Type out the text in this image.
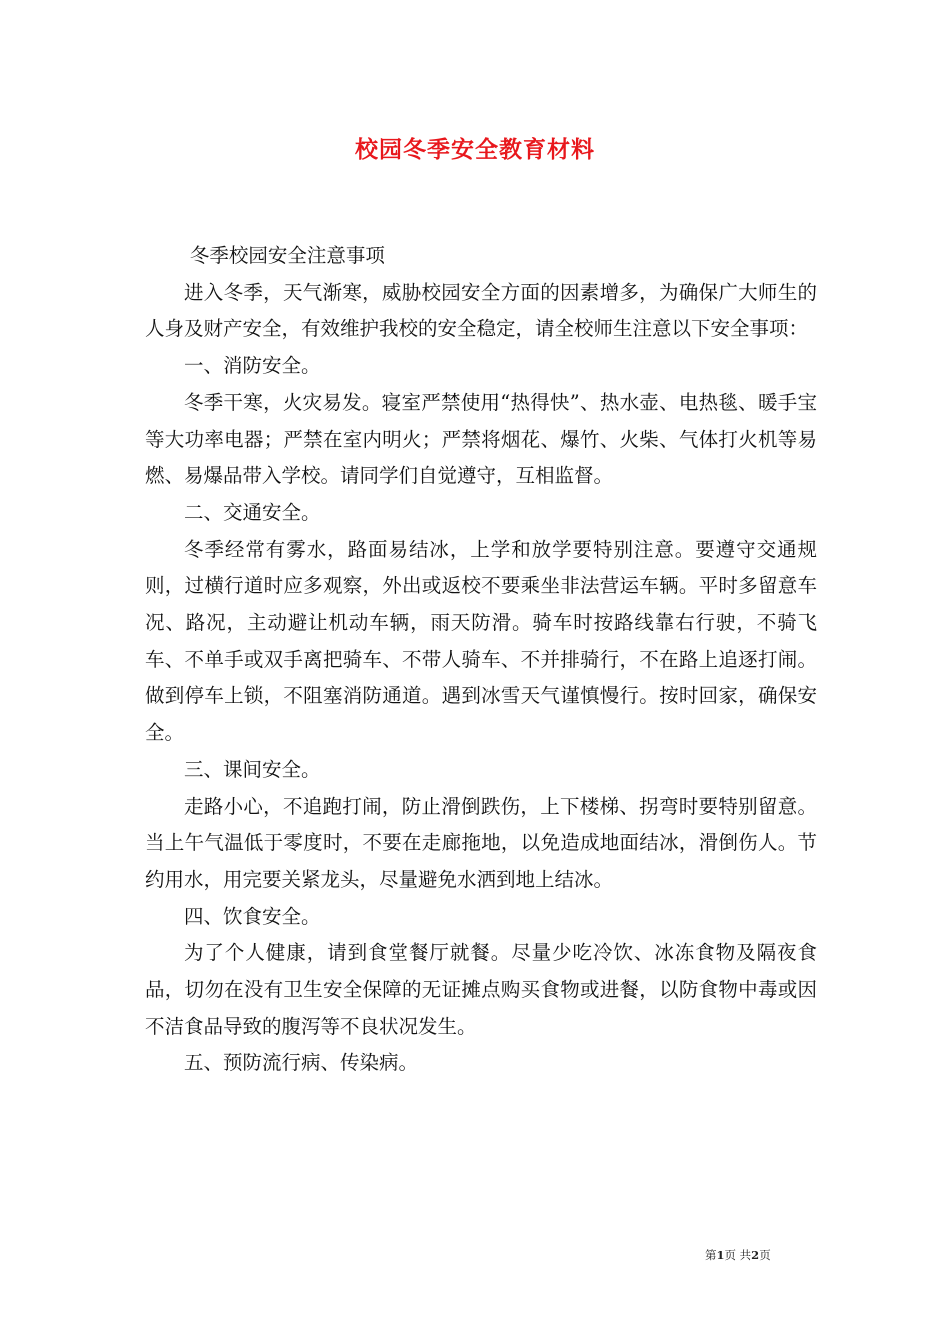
校园冬季安全教育材料

冬季校园安全注意事项

进入冬季，天气渐寒，威胁校园安全方面的因素增多，为确保广大师生的人身及财产安全，有效维护我校的安全稳定，请全校师生注意以下安全事项：

一、消防安全。

冬季干寒，火灾易发。寝室严禁使用“热得快”、热水壶、电热毯、暖手宝等大功率电器；严禁在室内明火；严禁将烟花、爆竹、火柴、气体打火机等易燃、易爆品带入学校。请同学们自觉遵守，互相监督。

二、交通安全。

冬季经常有雾水，路面易结冰，上学和放学要特别注意。要遵守交通规则，过横行道时应多观察，外出或返校不要乘坐非法营运车辆。平时多留意车况、路况，主动避让机动车辆，雨天防滑。骑车时按路线靠右行驶，不骑飞车、不单手或双手离把骑车、不带人骑车、不并排骑行，不在路上追逐打闹。做到停车上锁，不阻塞消防通道。遇到冰雪天气谨慎慢行。按时回家，确保安全。

三、课间安全。

走路小心，不追跑打闹，防止滑倒跌伤，上下楼梯、拐弯时要特别留意。当上午气温低于零度时，不要在走廊拖地，以免造成地面结冰，滑倒伤人。节约用水，用完要关紧龙头，尽量避免水洒到地上结冰。

四、饮食安全。

为了个人健康，请到食堂餐厅就餐。尽量少吃冷饮、冰冻食物及隔夜食品，切勿在没有卫生安全保障的无证摊点购买食物或进餐，以防食物中毒或因不洁食品导致的腹泻等不良状况发生。

五、预防流行病、传染病。

第1页 共2页
